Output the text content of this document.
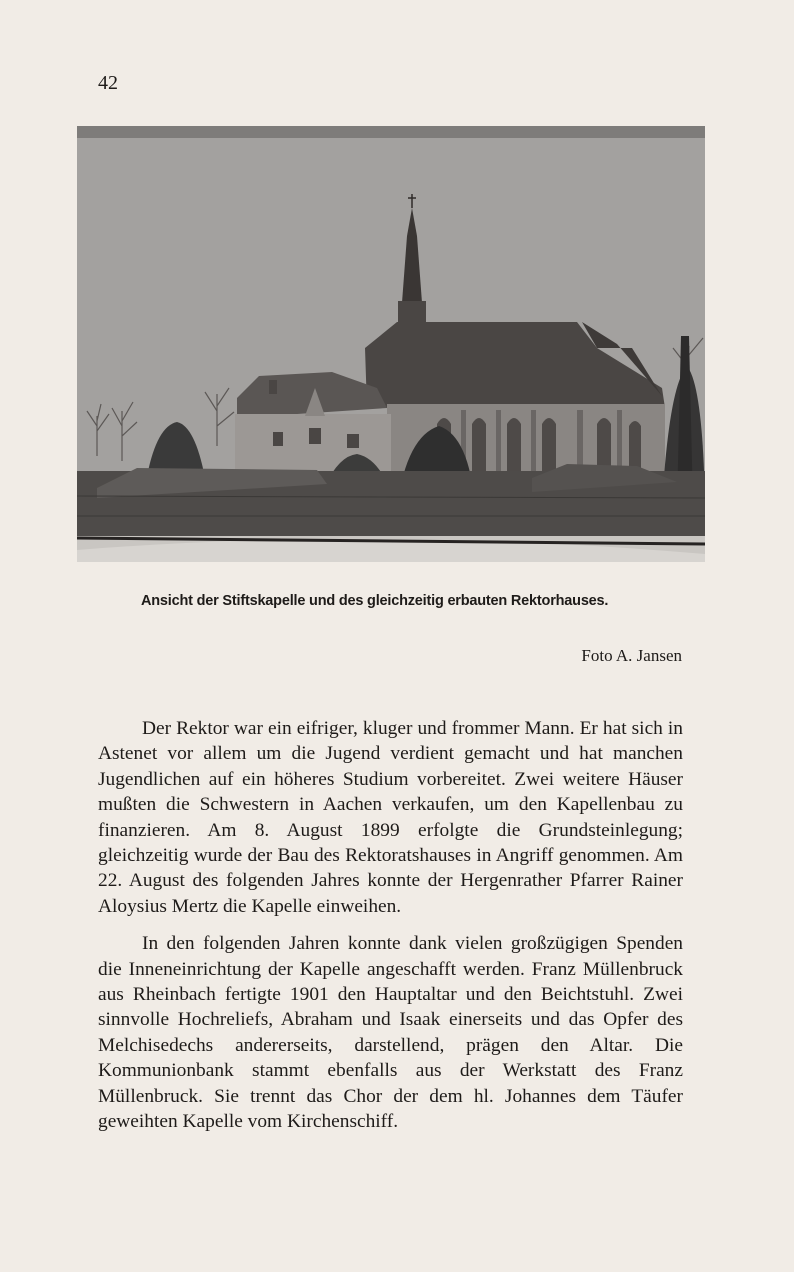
42
Ansicht der Stiftskapelle und des gleichzeitig erbauten Rektorhauses.
Foto A. Jansen

Der Rektor war ein eifriger, kluger und frommer Mann. Er hat sich in Astenet vor allem um die Jugend verdient gemacht und hat manchen Jugendlichen auf ein höheres Studium vorbereitet. Zwei weitere Häuser mußten die Schwestern in Aachen verkaufen, um den Kapellenbau zu finanzieren. Am 8. August 1899 erfolgte die Grundsteinlegung; gleichzeitig wurde der Bau des Rektoratshauses in Angriff genommen. Am 22. August des folgenden Jahres konnte der Hergenrather Pfarrer Rainer Aloysius Mertz die Kapelle einweihen.

In den folgenden Jahren konnte dank vielen großzügigen Spenden die Inneneinrichtung der Kapelle angeschafft werden. Franz Müllenbruck aus Rheinbach fertigte 1901 den Hauptaltar und den Beichtstuhl. Zwei sinnvolle Hochreliefs, Abraham und Isaak einerseits und das Opfer des Melchisedechs andererseits, darstellend, prägen den Altar. Die Kommunionbank stammt ebenfalls aus der Werkstatt des Franz Müllenbruck. Sie trennt das Chor der dem hl. Johannes dem Täufer geweihten Kapelle vom Kirchenschiff.
